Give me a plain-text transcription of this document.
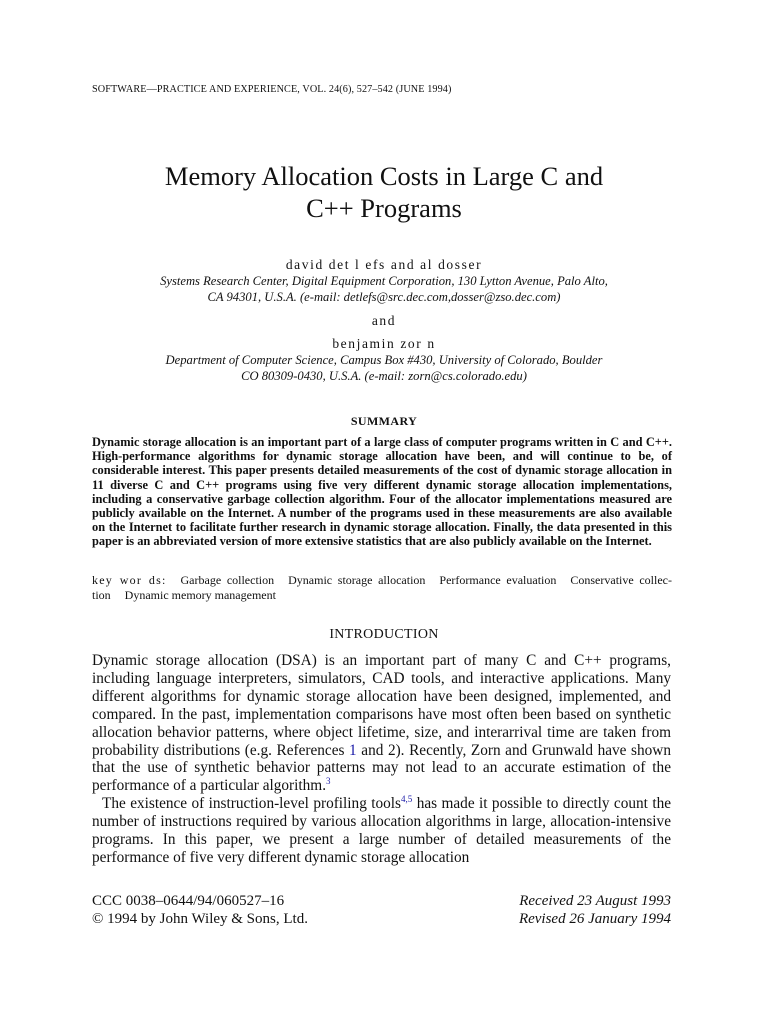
SOFTWARE—PRACTICE AND EXPERIENCE, VOL. 24(6), 527–542 (JUNE 1994)
Memory Allocation Costs in Large C and
C++ Programs
david det l efs and al dosser
Systems Research Center, Digital Equipment Corporation, 130 Lytton Avenue, Palo Alto,
CA 94301, U.S.A. (e-mail: detlefs@src.dec.com,dosser@zso.dec.com)
and
benjamin zor n
Department of Computer Science, Campus Box #430, University of Colorado, Boulder
CO 80309-0430, U.S.A. (e-mail: zorn@cs.colorado.edu)
SUMMARY
Dynamic storage allocation is an important part of a large class of computer programs written in C and C++. High-performance algorithms for dynamic storage allocation have been, and will continue to be, of considerable interest. This paper presents detailed measurements of the cost of dynamic storage allocation in 11 diverse C and C++ programs using five very different dynamic storage allocation implementations, including a conservative garbage collection algorithm. Four of the allocator implementations measured are publicly available on the Internet. A number of the programs used in these measurements are also available on the Internet to facilitate further research in dynamic storage allocation. Finally, the data presented in this paper is an abbreviated version of more extensive statistics that are also publicly available on the Internet.
key wor ds: Garbage collection Dynamic storage allocation Performance evaluation Conservative collec- tion Dynamic memory management
INTRODUCTION

Dynamic storage allocation (DSA) is an important part of many C and C++ programs, including language interpreters, simulators, CAD tools, and interactive applications. Many different algorithms for dynamic storage allocation have been designed, implemented, and compared. In the past, implementation comparisons have most often been based on synthetic allocation behavior patterns, where object lifetime, size, and interarrival time are taken from probability distributions (e.g. References 1 and 2). Recently, Zorn and Grunwald have shown that the use of synthetic behavior patterns may not lead to an accurate estimation of the performance of a particular algorithm.$^3$

The existence of instruction-level profiling tools$^{4,5}$ has made it possible to directly count the number of instructions required by various allocation algorithms in large, allocation-intensive programs. In this paper, we present a large number of detailed measurements of the performance of five very different dynamic storage allocation

CCC 0038–0644/94/060527–16
© 1994 by John Wiley & Sons, Ltd.
Received 23 August 1993
Revised 26 January 1994
